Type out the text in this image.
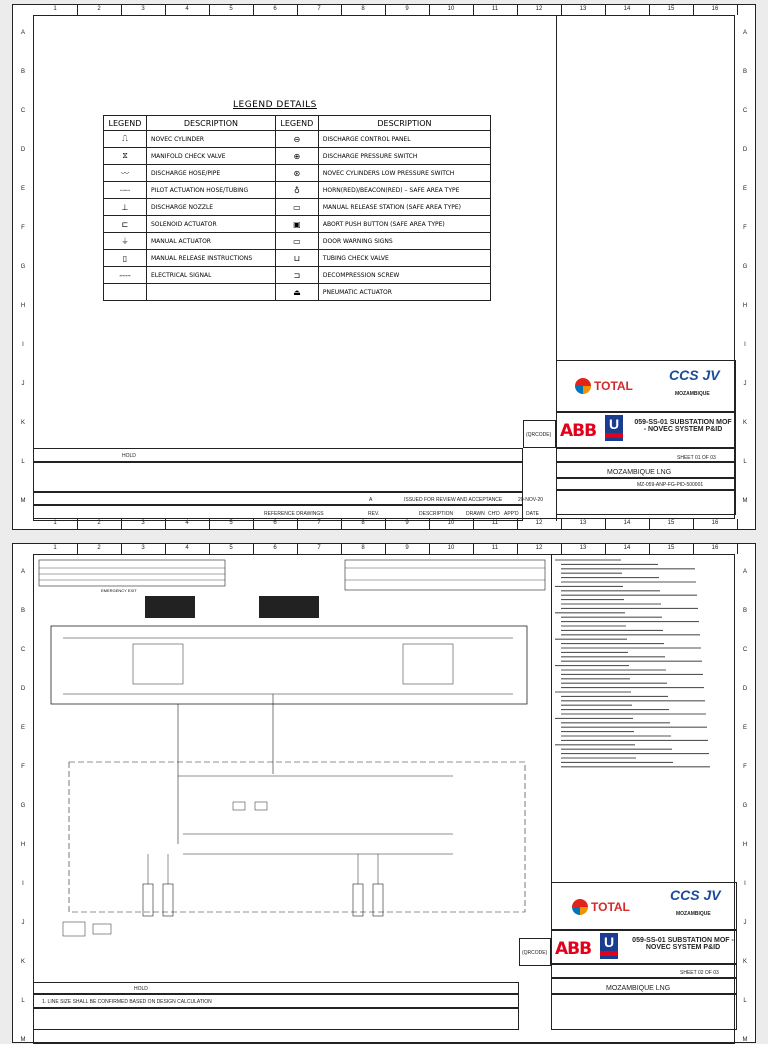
1	2	3	4	5	6	7	8	9	10	11	12	13	14	15	16
1	2	3	4	5	6	7	8	9	10	11	12	13	14	15	16
A
B
C
D
E
F
G
H
I
J
K
L
M
A
B
C
D
E
F
G
H
I
J
K
L
M
LEGEND DETAILS
LEGEND	DESCRIPTION	LEGEND	DESCRIPTION
⎍	NOVEC CYLINDER	⊖	DISCHARGE CONTROL PANEL
⧖	MANIFOLD CHECK VALVE	⊕	DISCHARGE PRESSURE SWITCH
〰	DISCHARGE HOSE/PIPE	⊛	NOVEC CYLINDERS LOW PRESSURE SWITCH
┈┈	PILOT ACTUATION HOSE/TUBING	♁	HORN(RED)/BEACON(RED) – SAFE AREA TYPE
⊥	DISCHARGE NOZZLE	▭	MANUAL RELEASE STATION (SAFE AREA TYPE)
⊏	SOLENOID ACTUATOR	▣	ABORT PUSH BUTTON (SAFE AREA TYPE)
⏚	MANUAL ACTUATOR	▭	DOOR WARNING SIGNS
▯	MANUAL RELEASE INSTRUCTIONS	⊔	TUBING CHECK VALVE
----	ELECTRICAL SIGNAL	⊐	DECOMPRESSION SCREW
		⏏	PNEUMATIC ACTUATOR
TOTAL
CCS JV
MOZAMBIQUE
ABB U
	059-SS-01 SUBSTATION MOF - NOVEC SYSTEM P&ID
SHEET 01 OF 03
MOZAMBIQUE LNG
MZ-059-ANP-FG-PID-500001
(QRCODE)
HOLD
A	ISSUED FOR REVIEW AND ACCEPTANCE	20-NOV-20
REFERENCE DRAWINGS	REV.	DESCRIPTION	DRAWN CH'D APP'D DATE
1	2	3	4	5	6	7	8	9	10	11	12	13	14	15	16
A
B
C
D
E
F
G
H
I
J
K
L
M
A
B
C
D
E
F
G
H
I
J
K
L
M
EMERGENCY EXIT
TOTAL
CCS JV
MOZAMBIQUE
ABB U
	059-SS-01 SUBSTATION MOF - NOVEC SYSTEM P&ID
SHEET 02 OF 03
MOZAMBIQUE LNG
(QRCODE)
HOLD
1. LINE SIZE SHALL BE CONFIRMED BASED ON DESIGN CALCULATION
